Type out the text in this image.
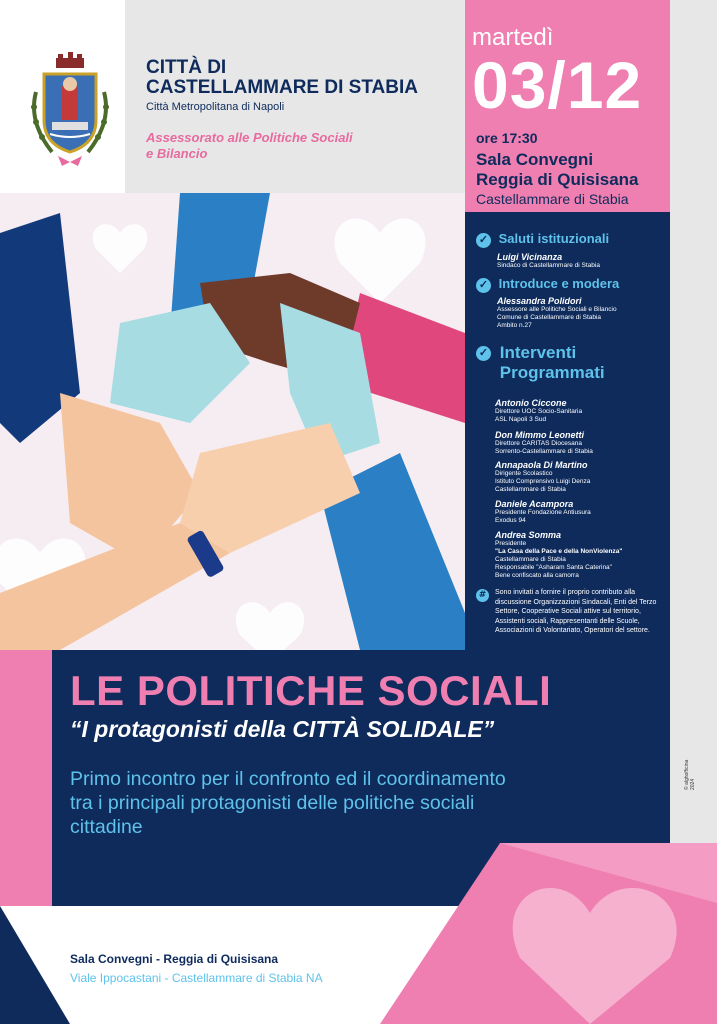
CITTÀ DI
CASTELLAMMARE DI STABIA
Città Metropolitana di Napoli
Assessorato alle Politiche Sociali
e Bilancio
martedì
03/12
ore 17:30
Sala Convegni
Reggia di Quisisana
Castellammare di Stabia
✓ Saluti istituzionali
Luigi Vicinanza
Sindaco di Castellammare di Stabia
✓ Introduce e modera
Alessandra Polidori
Assessore alle Politiche Sociali e Bilancio
Comune di Castellammare di Stabia
Ambito n.27
✓ Interventi
Programmati
Antonio Ciccone
Direttore UOC Socio-Sanitaria
ASL Napoli 3 Sud
Don Mimmo Leonetti
Direttore CARITAS Diocesana
Sorrento-Castellammare di Stabia
Annapaola Di Martino
Dirigente Scolastico
Istituto Comprensivo Luigi Denza
Castellammare di Stabia
Daniele Acampora
Presidente Fondazione Antiusura
Exodus 94
Andrea Somma
Presidente
"La Casa della Pace e della NonViolenza"
Castellammare di Stabia
Responsabile "Asharam Santa Caterina"
Bene confiscato alla camorra
#	Sono invitati a fornire il proprio contributo alla discussione Organizzazioni Sindacali, Enti del Terzo Settore, Cooperative Sociali attive sul territorio, Assistenti sociali, Rappresentanti delle Scuole, Associazioni di Volontariato, Operatori del settore.
LE POLITICHE SOCIALI
“I protagonisti della CITTÀ SOLIDALE”
Primo incontro per il confronto ed il coordinamento
tra i principali protagonisti delle politiche sociali
cittadine
© alghofficina 2024
Sala Convegni - Reggia di Quisisana
Viale Ippocastani - Castellammare di Stabia NA
